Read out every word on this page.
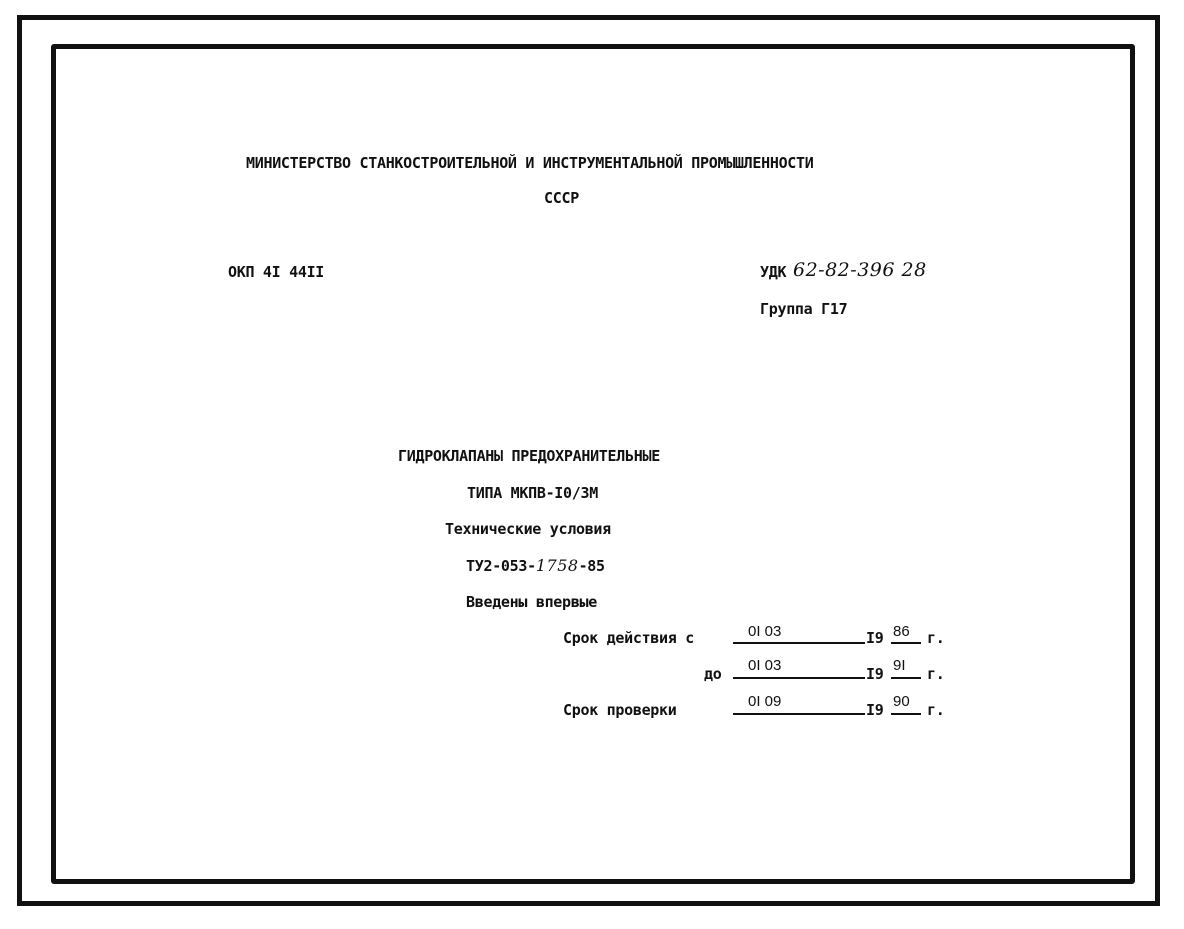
МИНИСТЕРСТВО СТАНКОСТРОИТЕЛЬНОЙ И ИНСТРУМЕНТАЛЬНОЙ ПРОМЫШЛЕННОСТИ
СССР
ОКП 4I 44II	УДК 62-82-396 28
Группа Г17
ГИДРОКЛАПАНЫ ПРЕДОХРАНИТЕЛЬНЫЕ
ТИПА МКПВ-I0/3М
Технические условия
ТУ2-053-1758-85
Введены впервые
Срок действия с	0I 03	I9 86 г.
до 0I 03	I9 9I г.
Срок проверки	0I 09	I9 90 г.
